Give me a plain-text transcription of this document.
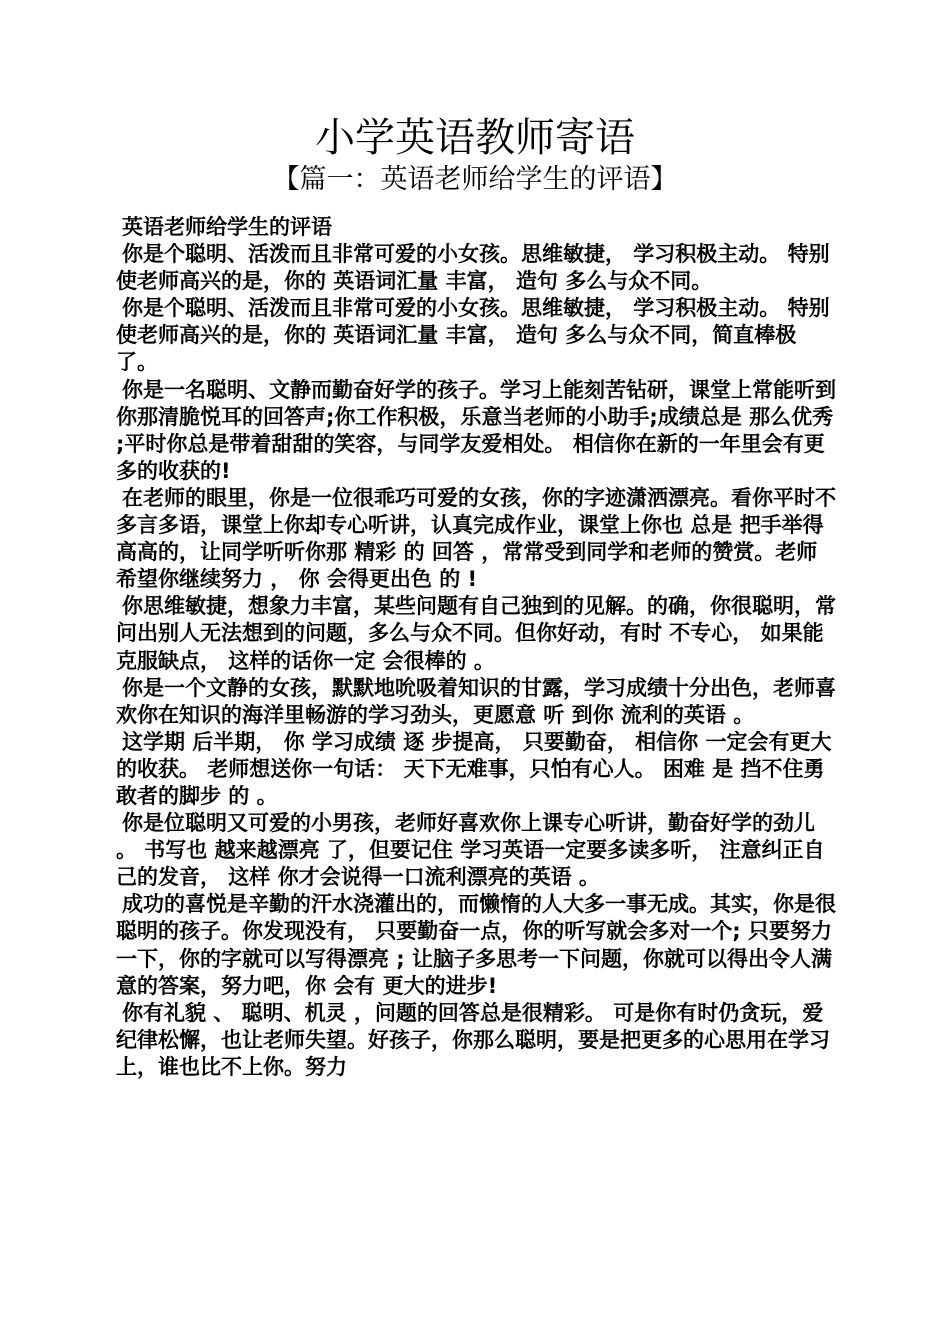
小学英语教师寄语
【篇一：英语老师给学生的评语】

英语老师给学生的评语

你是个聪明、活泼而且非常可爱的小女孩。思维敏捷， 学习积极主动。 特别使老师高兴的是，你的 英语词汇量 丰富， 造句 多么与众不同。

你是个聪明、活泼而且非常可爱的小女孩。思维敏捷， 学习积极主动。 特别使老师高兴的是，你的 英语词汇量 丰富， 造句 多么与众不同，简直棒极了。

你是一名聪明、文静而勤奋好学的孩子。学习上能刻苦钻研，课堂上常能听到你那清脆悦耳的回答声;你工作积极，乐意当老师的小助手;成绩总是 那么优秀 ;平时你总是带着甜甜的笑容，与同学友爱相处。 相信你在新的一年里会有更多的收获的!

在老师的眼里，你是一位很乖巧可爱的女孩，你的字迹潇洒漂亮。看你平时不多言多语，课堂上你却专心听讲，认真完成作业，课堂上你也 总是 把手举得高高的，让同学听听你那 精彩 的 回答 ，常常受到同学和老师的赞赏。老师希望你继续努力 ， 你 会得更出色 的 !

你思维敏捷，想象力丰富，某些问题有自己独到的见解。的确，你很聪明，常问出别人无法想到的问题，多么与众不同。但你好动，有时 不专心， 如果能克服缺点， 这样的话你一定 会很棒的 。

你是一个文静的女孩，默默地吮吸着知识的甘露，学习成绩十分出色，老师喜欢你在知识的海洋里畅游的学习劲头，更愿意 听 到你 流利的英语 。

这学期 后半期， 你 学习成绩 逐 步提高， 只要勤奋， 相信你 一定会有更大的收获。 老师想送你一句话： 天下无难事，只怕有心人。 困难 是 挡不住勇敢者的脚步 的 。

你是位聪明又可爱的小男孩，老师好喜欢你上课专心听讲，勤奋好学的劲儿 。 书写也 越来越漂亮 了，但要记住 学习英语一定要多读多听， 注意纠正自己的发音， 这样 你才会说得一口流利漂亮的英语 。

成功的喜悦是辛勤的汗水浇灌出的，而懒惰的人大多一事无成。其实，你是很聪明的孩子。你发现没有， 只要勤奋一点，你的听写就会多对一个; 只要努力一下，你的字就可以写得漂亮 ; 让脑子多思考一下问题，你就可以得出令人满意的答案，努力吧，你 会有 更大的进步!

你有礼貌 、 聪明、机灵 ，问题的回答总是很精彩。 可是你有时仍贪玩，爱纪律松懈，也让老师失望。好孩子，你那么聪明，要是把更多的心思用在学习上，谁也比不上你。努力
